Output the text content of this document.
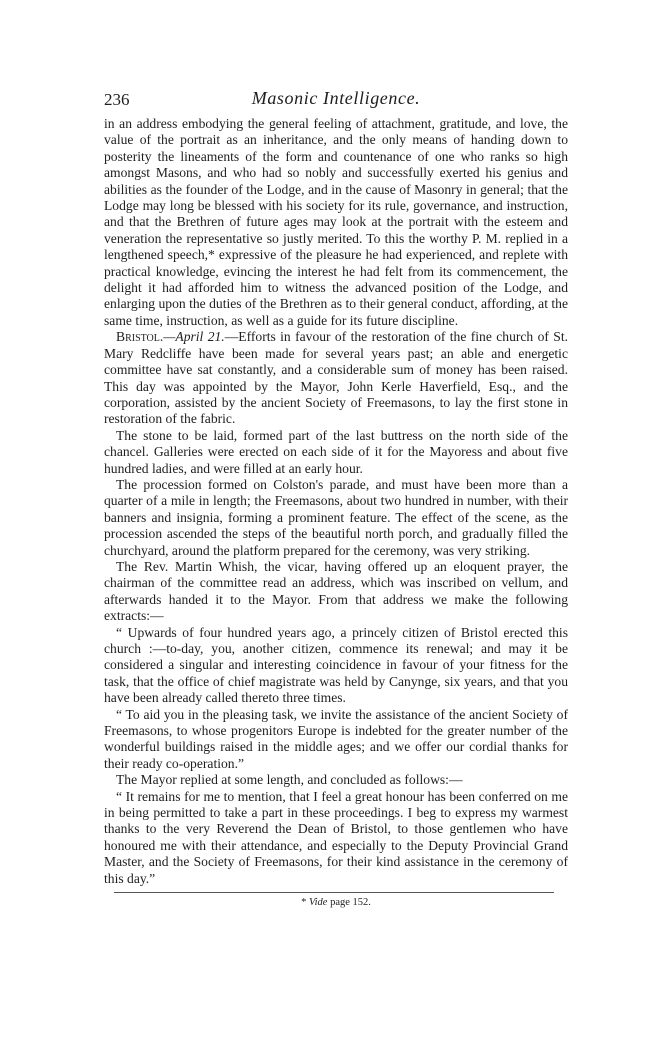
236	Masonic Intelligence.

in an address embodying the general feeling of attachment, gratitude, and love, the value of the portrait as an inheritance, and the only means of handing down to posterity the lineaments of the form and countenance of one who ranks so high amongst Masons, and who had so nobly and successfully exerted his genius and abilities as the founder of the Lodge, and in the cause of Masonry in general; that the Lodge may long be blessed with his society for its rule, governance, and instruction, and that the Brethren of future ages may look at the portrait with the esteem and veneration the representative so justly merited. To this the worthy P. M. replied in a lengthened speech,* expressive of the pleasure he had experienced, and replete with practical knowledge, evincing the interest he had felt from its commencement, the delight it had afforded him to witness the advanced position of the Lodge, and enlarging upon the duties of the Brethren as to their general conduct, affording, at the same time, instruction, as well as a guide for its future discipline.

Bristol.—April 21.—Efforts in favour of the restoration of the fine church of St. Mary Redcliffe have been made for several years past; an able and energetic committee have sat constantly, and a considerable sum of money has been raised. This day was appointed by the Mayor, John Kerle Haverfield, Esq., and the corporation, assisted by the ancient Society of Freemasons, to lay the first stone in restoration of the fabric.

The stone to be laid, formed part of the last buttress on the north side of the chancel. Galleries were erected on each side of it for the Mayoress and about five hundred ladies, and were filled at an early hour.

The procession formed on Colston's parade, and must have been more than a quarter of a mile in length; the Freemasons, about two hundred in number, with their banners and insignia, forming a prominent feature. The effect of the scene, as the procession ascended the steps of the beautiful north porch, and gradually filled the churchyard, around the platform prepared for the ceremony, was very striking.

The Rev. Martin Whish, the vicar, having offered up an eloquent prayer, the chairman of the committee read an address, which was inscribed on vellum, and afterwards handed it to the Mayor. From that address we make the following extracts:—

“ Upwards of four hundred years ago, a princely citizen of Bristol erected this church :—to-day, you, another citizen, commence its renewal; and may it be considered a singular and interesting coincidence in favour of your fitness for the task, that the office of chief magistrate was held by Canynge, six years, and that you have been already called thereto three times.

“ To aid you in the pleasing task, we invite the assistance of the ancient Society of Freemasons, to whose progenitors Europe is indebted for the greater number of the wonderful buildings raised in the middle ages; and we offer our cordial thanks for their ready co-operation.”

The Mayor replied at some length, and concluded as follows:—

“ It remains for me to mention, that I feel a great honour has been conferred on me in being permitted to take a part in these proceedings. I beg to express my warmest thanks to the very Reverend the Dean of Bristol, to those gentlemen who have honoured me with their attendance, and especially to the Deputy Provincial Grand Master, and the Society of Freemasons, for their kind assistance in the ceremony of this day.”

* Vide page 152.
